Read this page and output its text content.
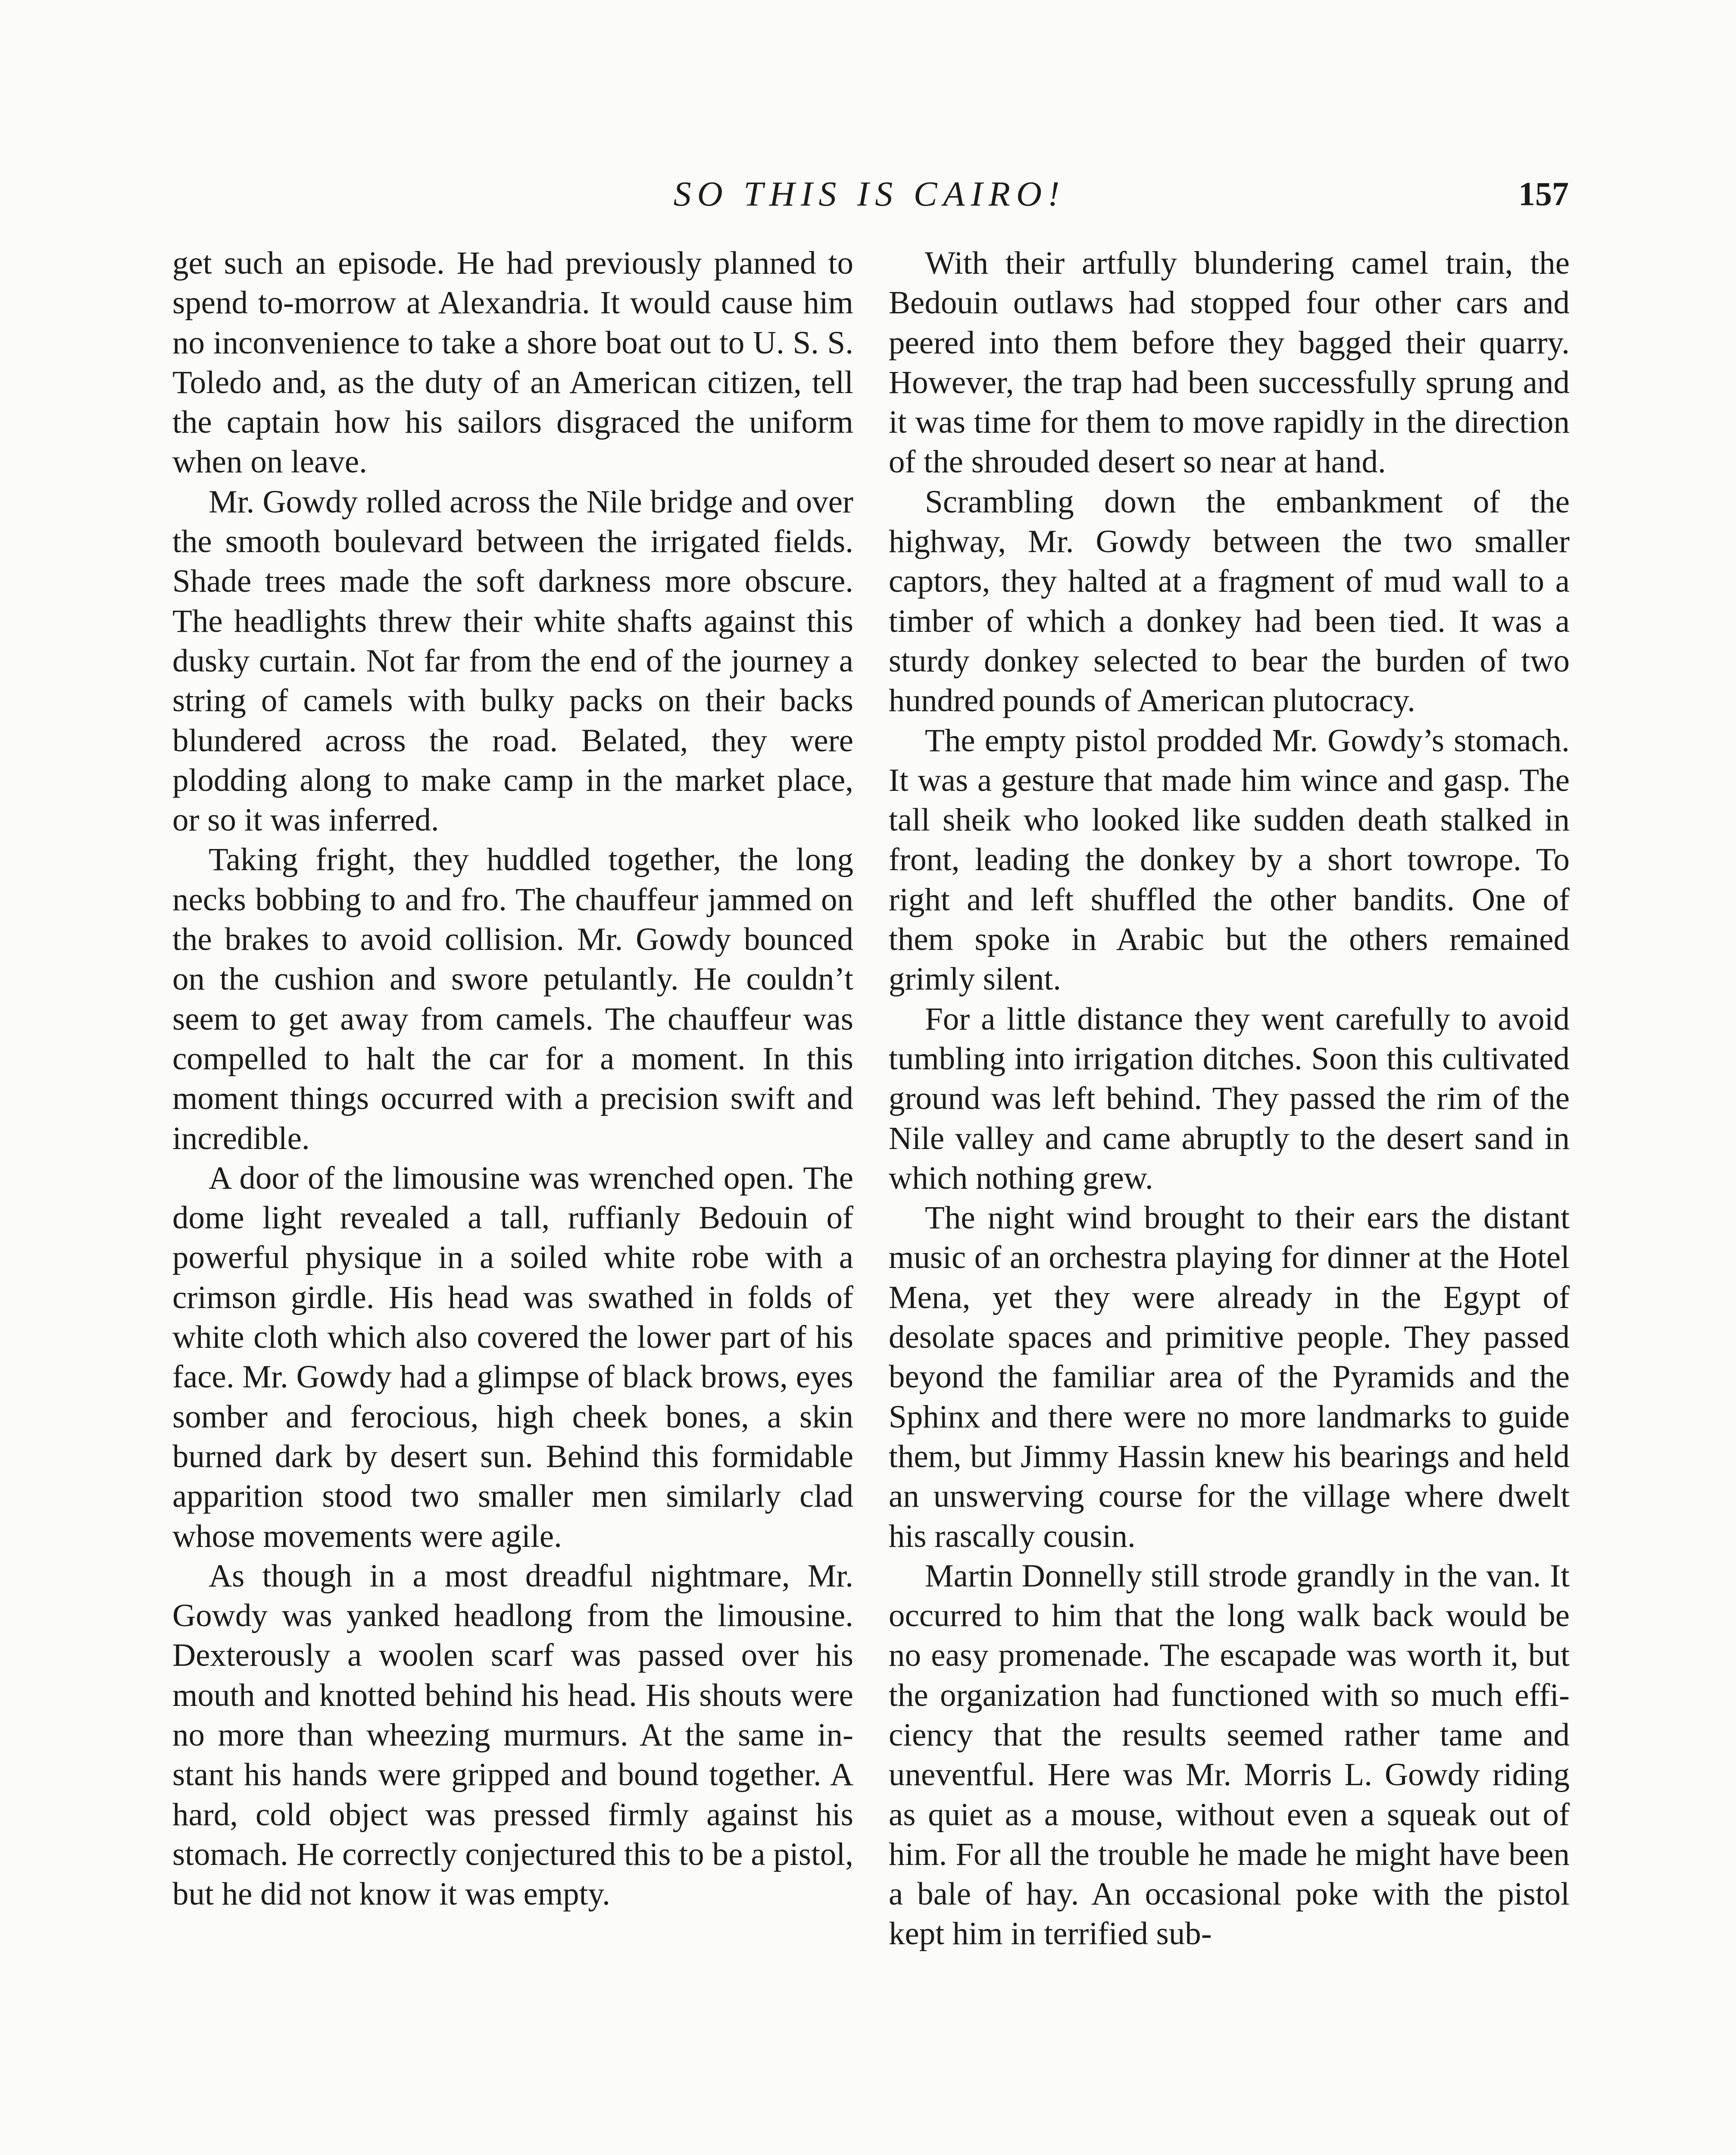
SO THIS IS CAIRO!	157

get such an episode. He had previously planned to spend to-morrow at Alexandria. It would cause him no inconvenience to take a shore boat out to U. S. S. Toledo and, as the duty of an American citizen, tell the captain how his sailors disgraced the uniform when on leave.

Mr. Gowdy rolled across the Nile bridge and over the smooth boulevard between the irrigated fields. Shade trees made the soft darkness more obscure. The headlights threw their white shafts against this dusky curtain. Not far from the end of the journey a string of camels with bulky packs on their backs blundered across the road. Belated, they were plodding along to make camp in the market place, or so it was inferred.

Taking fright, they huddled together, the long necks bobbing to and fro. The chauffeur jammed on the brakes to avoid collision. Mr. Gowdy bounced on the cushion and swore petulantly. He couldn’t seem to get away from camels. The chauffeur was compelled to halt the car for a moment. In this moment things occurred with a precision swift and incredible.

A door of the limousine was wrenched open. The dome light revealed a tall, ruffianly Bedouin of powerful physique in a soiled white robe with a crimson girdle. His head was swathed in folds of white cloth which also covered the lower part of his face. Mr. Gowdy had a glimpse of black brows, eyes somber and ferocious, high cheek bones, a skin burned dark by desert sun. Behind this formidable apparition stood two smaller men similarly clad whose movements were agile.

As though in a most dreadful nightmare, Mr. Gowdy was yanked headlong from the limousine. Dexterously a woolen scarf was passed over his mouth and knotted behind his head. His shouts were no more than wheezing murmurs. At the same instant his hands were gripped and bound together. A hard, cold object was pressed firmly against his stomach. He correctly conjectured this to be a pistol, but he did not know it was empty.

With their artfully blundering camel train, the Bedouin outlaws had stopped four other cars and peered into them before they bagged their quarry. However, the trap had been successfully sprung and it was time for them to move rapidly in the direction of the shrouded desert so near at hand.

Scrambling down the embankment of the highway, Mr. Gowdy between the two smaller captors, they halted at a fragment of mud wall to a timber of which a donkey had been tied. It was a sturdy donkey selected to bear the burden of two hundred pounds of American plutocracy.

The empty pistol prodded Mr. Gowdy’s stomach. It was a gesture that made him wince and gasp. The tall sheik who looked like sudden death stalked in front, leading the donkey by a short towrope. To right and left shuffled the other bandits. One of them spoke in Arabic but the others remained grimly silent.

For a little distance they went carefully to avoid tumbling into irrigation ditches. Soon this cultivated ground was left behind. They passed the rim of the Nile valley and came abruptly to the desert sand in which nothing grew.

The night wind brought to their ears the distant music of an orchestra playing for dinner at the Hotel Mena, yet they were already in the Egypt of desolate spaces and primitive people. They passed beyond the familiar area of the Pyramids and the Sphinx and there were no more landmarks to guide them, but Jimmy Hassin knew his bearings and held an unswerving course for the village where dwelt his rascally cousin.

Martin Donnelly still strode grandly in the van. It occurred to him that the long walk back would be no easy promenade. The escapade was worth it, but the organization had functioned with so much efficiency that the results seemed rather tame and uneventful. Here was Mr. Morris L. Gowdy riding as quiet as a mouse, without even a squeak out of him. For all the trouble he made he might have been a bale of hay. An occasional poke with the pistol kept him in terrified sub-
